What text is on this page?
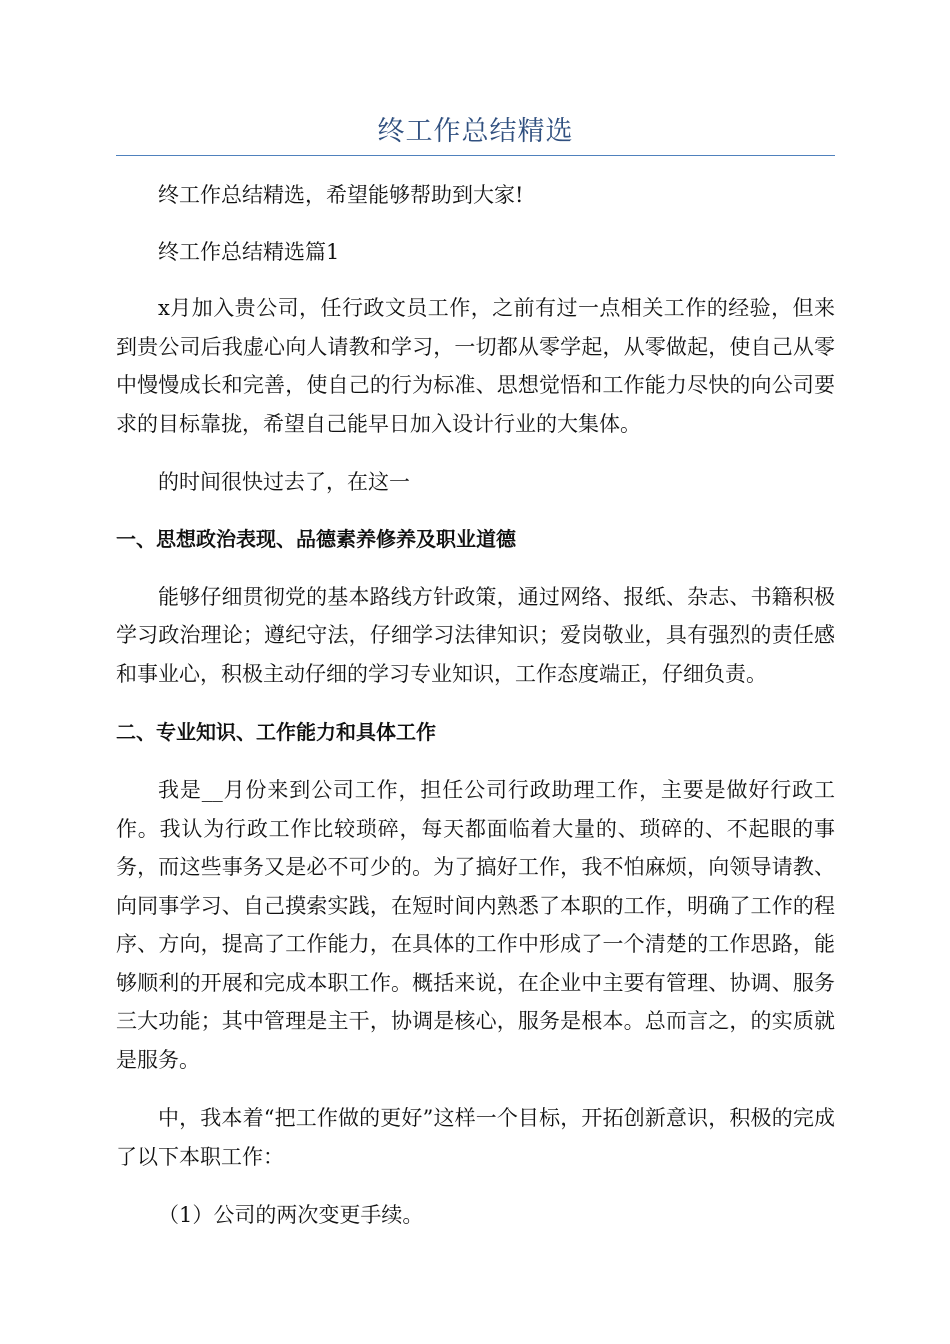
终工作总结精选

终工作总结精选，希望能够帮助到大家!

终工作总结精选篇1

x月加入贵公司，任行政文员工作，之前有过一点相关工作的经验，但来到贵公司后我虚心向人请教和学习，一切都从零学起，从零做起，使自己从零中慢慢成长和完善，使自己的行为标准、思想觉悟和工作能力尽快的向公司要求的目标靠拢，希望自己能早日加入设计行业的大集体。

的时间很快过去了，在这一

一、思想政治表现、品德素养修养及职业道德

能够仔细贯彻党的基本路线方针政策，通过网络、报纸、杂志、书籍积极学习政治理论；遵纪守法，仔细学习法律知识；爱岗敬业，具有强烈的责任感和事业心，积极主动仔细的学习专业知识，工作态度端正，仔细负责。

二、专业知识、工作能力和具体工作

我是__月份来到公司工作，担任公司行政助理工作，主要是做好行政工作。我认为行政工作比较琐碎，每天都面临着大量的、琐碎的、不起眼的事务，而这些事务又是必不可少的。为了搞好工作，我不怕麻烦，向领导请教、向同事学习、自己摸索实践，在短时间内熟悉了本职的工作，明确了工作的程序、方向，提高了工作能力，在具体的工作中形成了一个清楚的工作思路，能够顺利的开展和完成本职工作。概括来说，在企业中主要有管理、协调、服务三大功能；其中管理是主干，协调是核心，服务是根本。总而言之，的实质就是服务。

中，我本着“把工作做的更好”这样一个目标，开拓创新意识，积极的完成了以下本职工作：

（1）公司的两次变更手续。
